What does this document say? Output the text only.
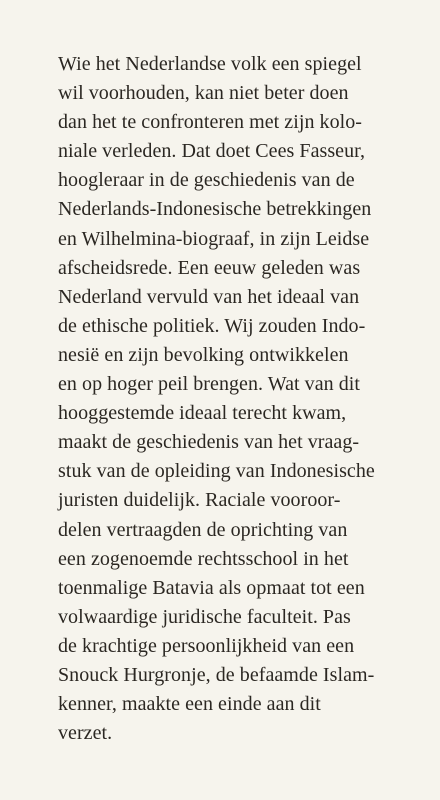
Wie het Nederlandse volk een spiegel
wil voorhouden, kan niet beter doen
dan het te confronteren met zijn kolo-
niale verleden. Dat doet Cees Fasseur,
hoogleraar in de geschiedenis van de
Nederlands-Indonesische betrekkingen
en Wilhelmina-biograaf, in zijn Leidse
afscheidsrede. Een eeuw geleden was
Nederland vervuld van het ideaal van
de ethische politiek. Wij zouden Indo-
nesië en zijn bevolking ontwikkelen
en op hoger peil brengen. Wat van dit
hooggestemde ideaal terecht kwam,
maakt de geschiedenis van het vraag-
stuk van de opleiding van Indonesische
juristen duidelijk. Raciale vooroor-
delen vertraagden de oprichting van
een zogenoemde rechtsschool in het
toenmalige Batavia als opmaat tot een
volwaardige juridische faculteit. Pas
de krachtige persoonlijkheid van een
Snouck Hurgronje, de befaamde Islam-
kenner, maakte een einde aan dit
verzet.
